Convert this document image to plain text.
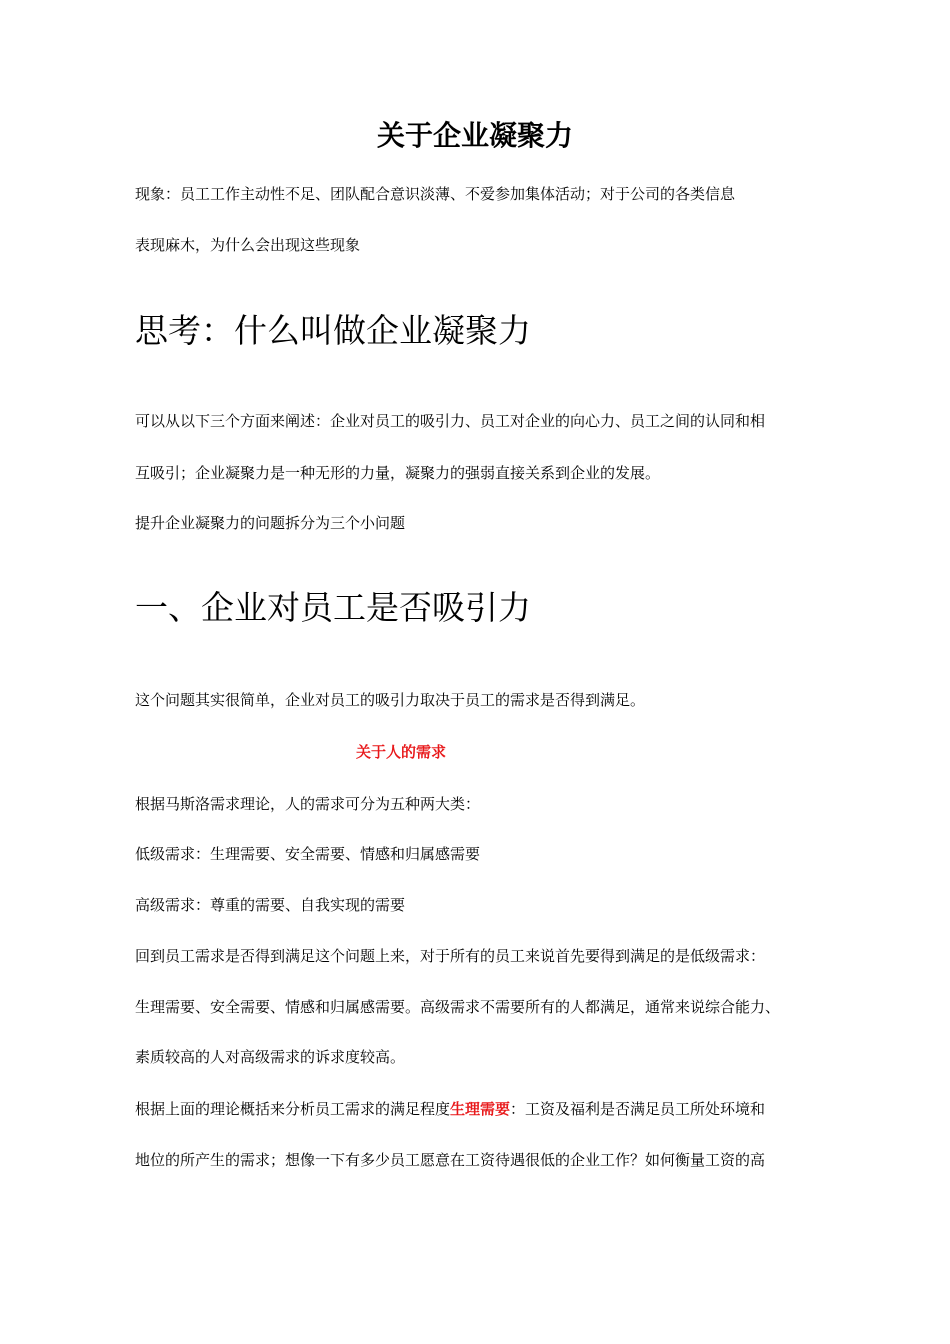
关于企业凝聚力
现象：员工工作主动性不足、团队配合意识淡薄、不爱参加集体活动；对于公司的各类信息
表现麻木，为什么会出现这些现象
思考：什么叫做企业凝聚力
可以从以下三个方面来阐述：企业对员工的吸引力、员工对企业的向心力、员工之间的认同和相
互吸引；企业凝聚力是一种无形的力量，凝聚力的强弱直接关系到企业的发展。
提升企业凝聚力的问题拆分为三个小问题
一、企业对员工是否吸引力
这个问题其实很简单，企业对员工的吸引力取决于员工的需求是否得到满足。
关于人的需求
根据马斯洛需求理论，人的需求可分为五种两大类：
低级需求：生理需要、安全需要、情感和归属感需要
高级需求：尊重的需要、自我实现的需要
回到员工需求是否得到满足这个问题上来，对于所有的员工来说首先要得到满足的是低级需求：
生理需要、安全需要、情感和归属感需要。高级需求不需要所有的人都满足，通常来说综合能力、
素质较高的人对高级需求的诉求度较高。
根据上面的理论概括来分析员工需求的满足程度生理需要：工资及福利是否满足员工所处环境和
地位的所产生的需求；想像一下有多少员工愿意在工资待遇很低的企业工作？如何衡量工资的高
